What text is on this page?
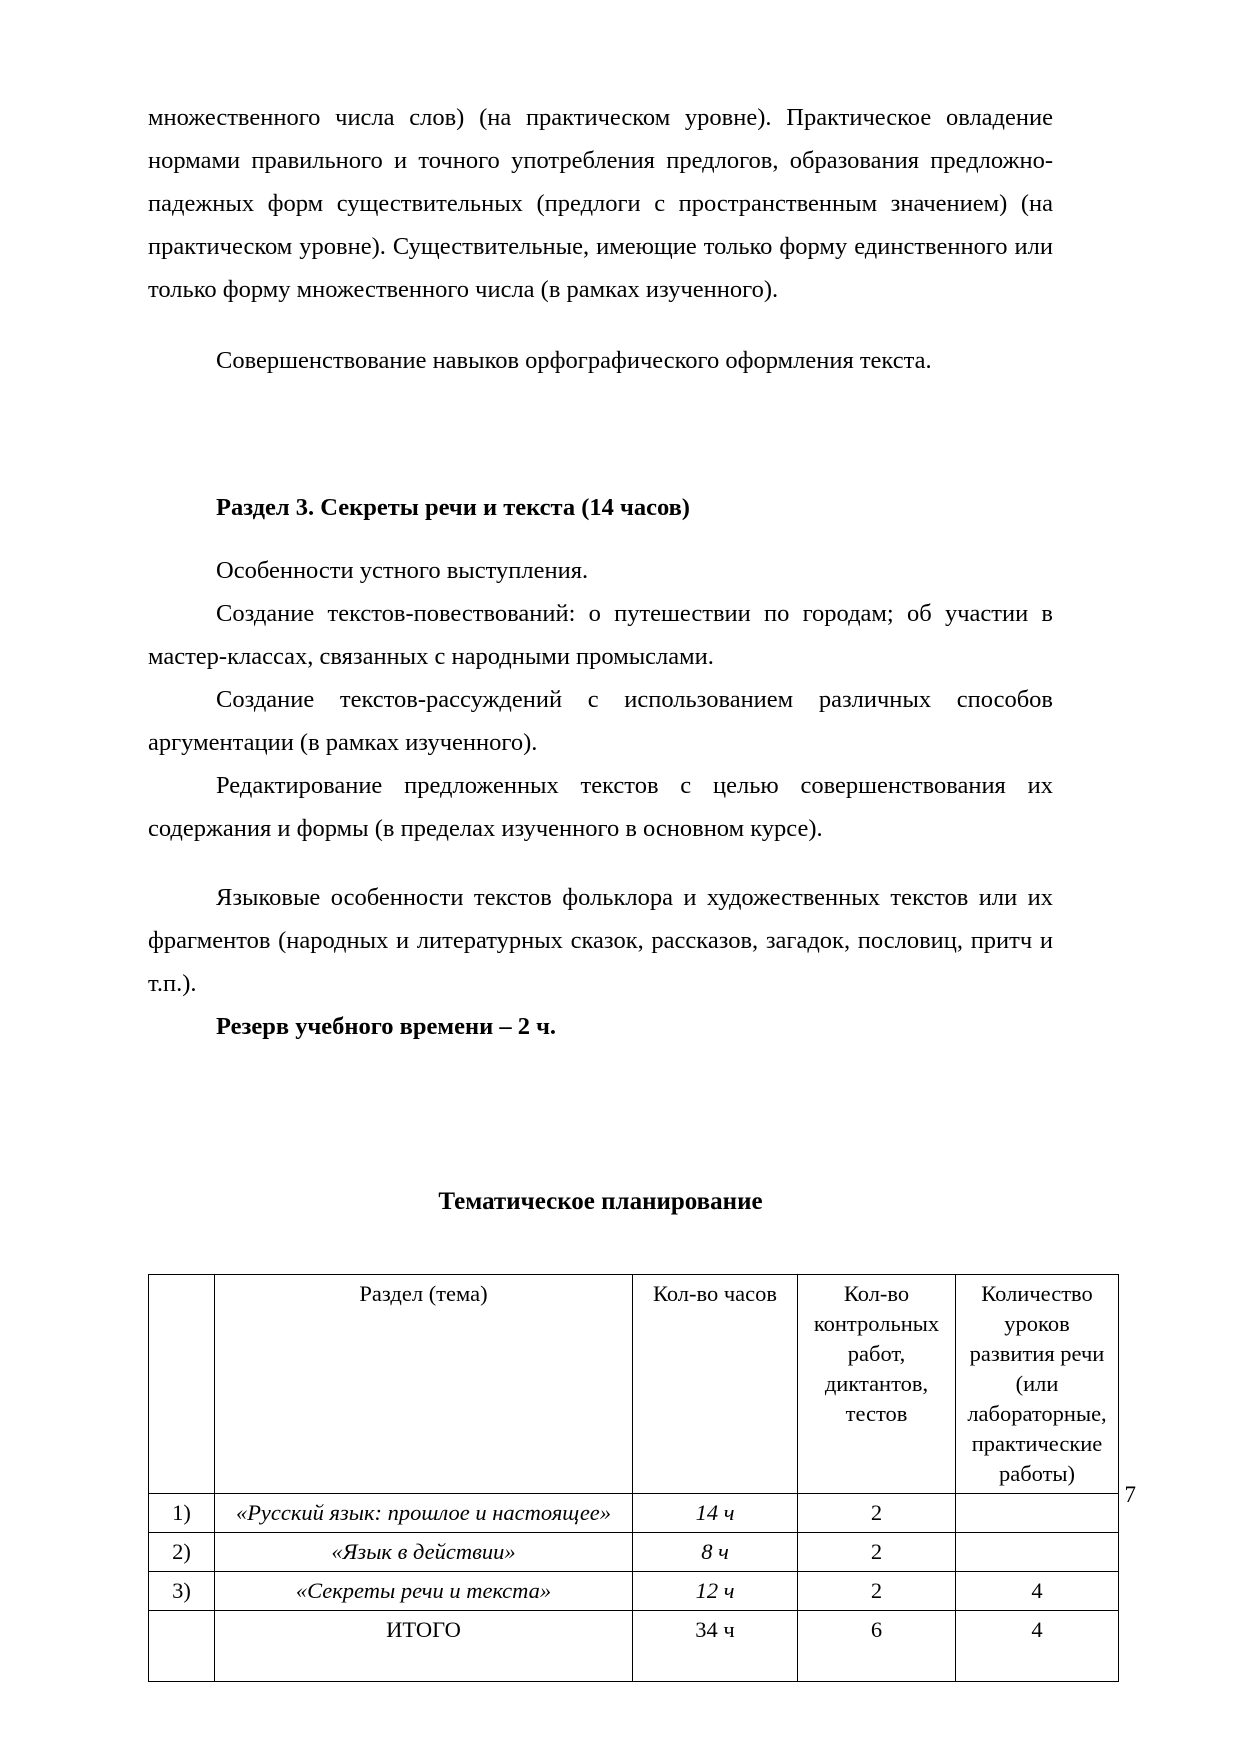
множественного числа слов) (на практическом уровне). Практическое овладение нормами правильного и точного употребления предлогов, образования предложно-падежных форм существительных (предлоги с пространственным значением) (на практическом уровне). Существительные, имеющие только форму единственного или только форму множественного числа (в рамках изученного).

Совершенствование навыков орфографического оформления текста.

Раздел 3. Секреты речи и текста (14 часов)

Особенности устного выступления.

Создание текстов-повествований: о путешествии по городам; об участии в мастер-классах, связанных с народными промыслами.

Создание текстов-рассуждений с использованием различных способов аргументации (в рамках изученного).

Редактирование предложенных текстов с целью совершенствования их содержания и формы (в пределах изученного в основном курсе).

Языковые особенности текстов фольклора и художественных текстов или их фрагментов (народных и литературных сказок, рассказов, загадок, пословиц, притч и т.п.).

Резерв учебного времени – 2 ч.

Тематическое планирование
	Раздел (тема)	Кол-во часов	Кол-во контрольных работ, диктантов, тестов	Количество уроков развития речи (или лабораторные, практические работы)
1)	«Русский язык: прошлое и настоящее»	14 ч	2	
2)	«Язык в действии»	8 ч	2	
3)	«Секреты речи и текста»	12 ч	2	4
	ИТОГО	34 ч	6	4
7
